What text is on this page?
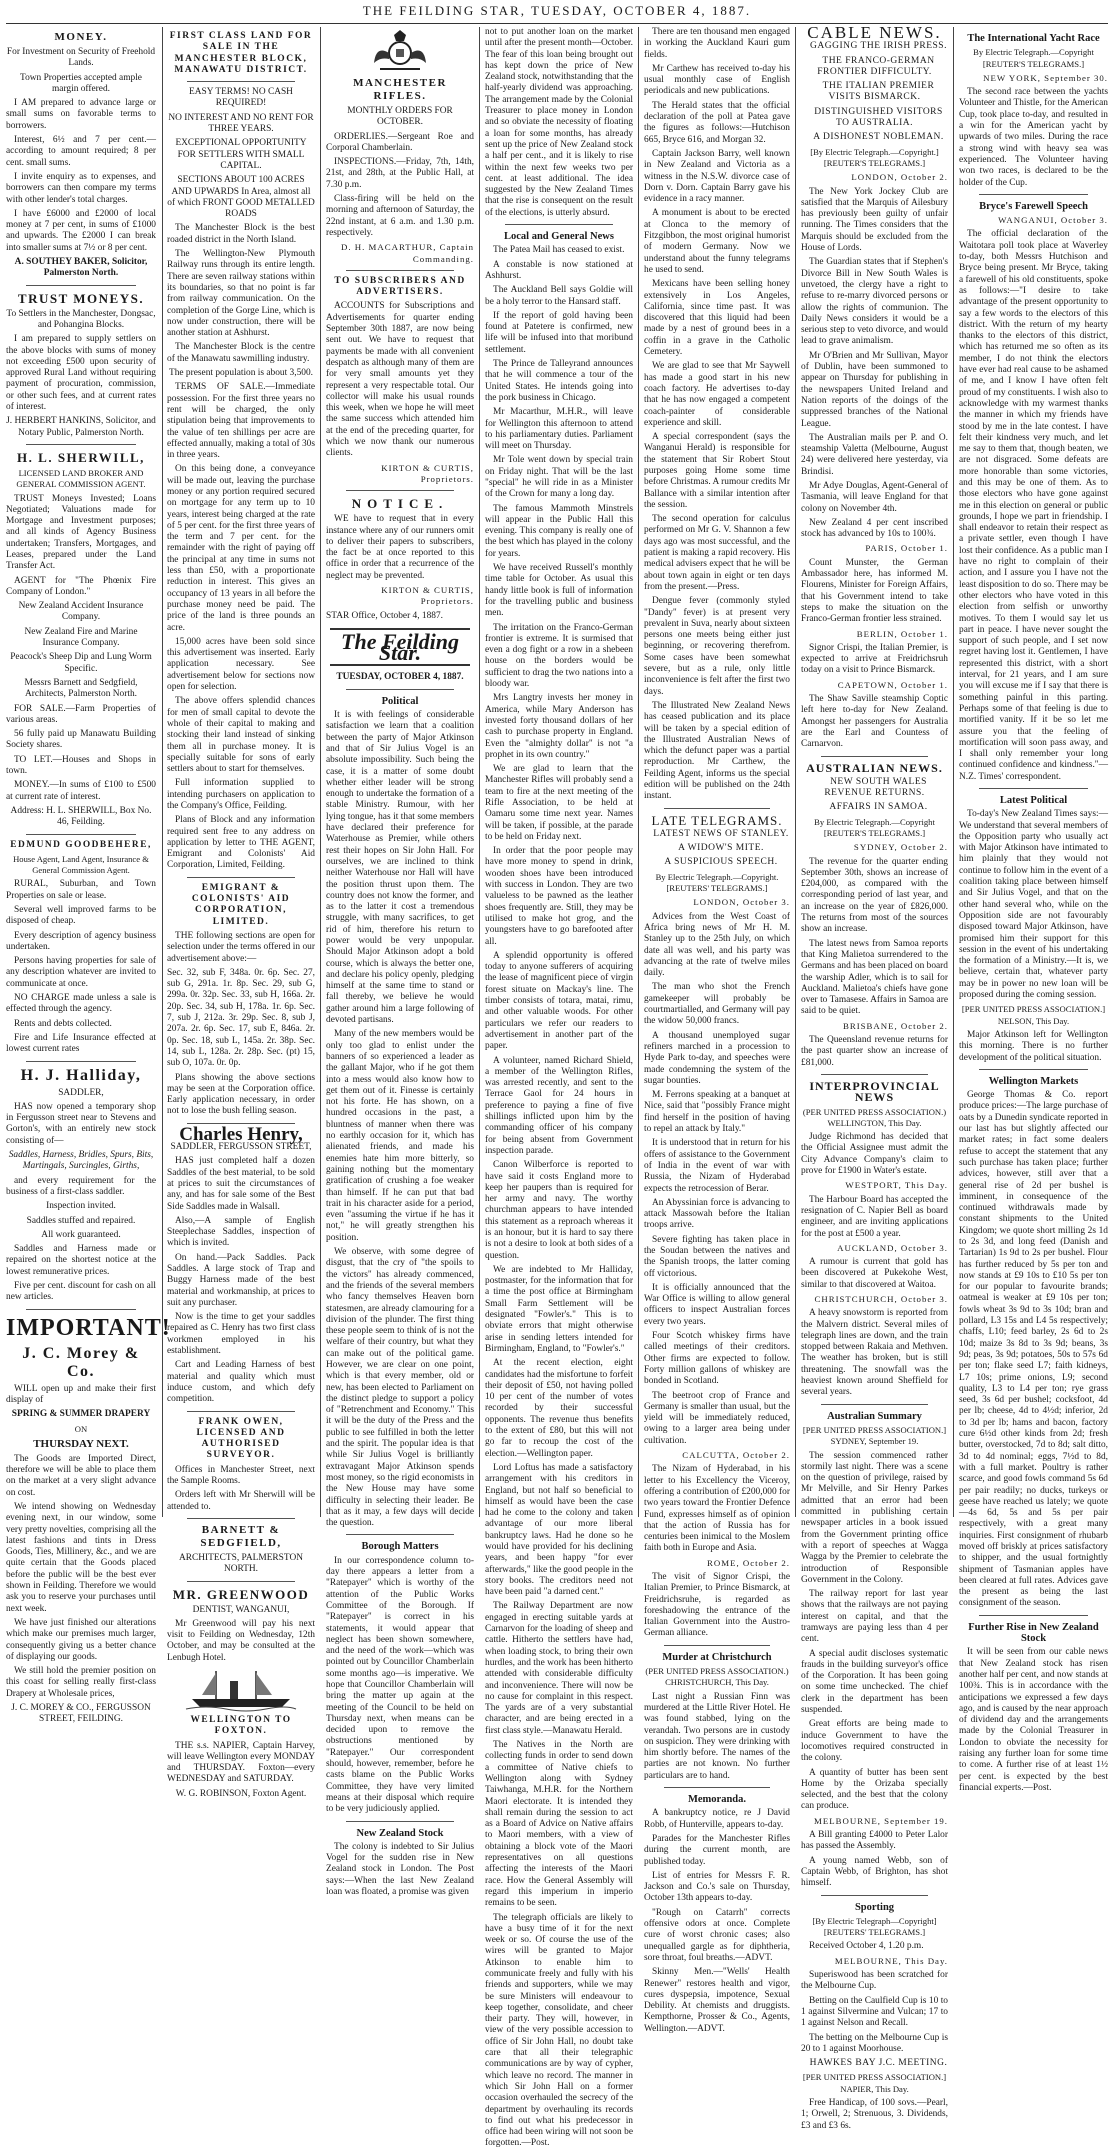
THE FEILDING STAR, TUESDAY, OCTOBER 4, 1887.
MONEY.

For Investment on Security of Freehold Lands.

Town Properties accepted ample margin offered.

I AM prepared to advance large or small sums on favorable terms to borrowers.

Interest, 6½ and 7 per cent.—according to amount required; 8 per cent. small sums.

I invite enquiry as to expenses, and borrowers can then compare my terms with other lender's total charges.

I have £6000 and £2000 of local money at 7 per cent, in sums of £1000 and upwards. The £2000 I can break into smaller sums at 7½ or 8 per cent.

A. SOUTHEY BAKER, Solicitor, Palmerston North.

TRUST MONEYS.

To Settlers in the Manchester, Dongsac, and Pohangina Blocks.

I am prepared to supply settlers on the above blocks with sums of money not exceeding £500 upon security of approved Rural Land without requiring payment of procuration, commission, or other such fees, and at current rates of interest.

J. HERBERT HANKINS, Solicitor, and Notary Public, Palmerston North.

H. L. SHERWILL,

LICENSED LAND BROKER AND GENERAL COMMISSION AGENT.

TRUST Moneys Invested; Loans Negotiated; Valuations made for Mortgage and Investment purposes; and all kinds of Agency Business undertaken; Transfers, Mortgages, and Leases, prepared under the Land Transfer Act.

AGENT for "The Phœnix Fire Company of London."

New Zealand Accident Insurance Company.

New Zealand Fire and Marine Insurance Company.

Peacock's Sheep Dip and Lung Worm Specific.

Messrs Barnett and Sedgfield, Architects, Palmerston North.

FOR SALE.—Farm Properties of various areas.

56 fully paid up Manawatu Building Society shares.

TO LET.—Houses and Shops in town.

MONEY.—In sums of £100 to £500 at current rate of interest.

Address: H. L. SHERWILL, Box No. 46, Feilding.

EDMUND GOODBEHERE,

House Agent, Land Agent, Insurance & General Commission Agent.

RURAL, Suburban, and Town Properties on sale or lease.

Several well improved farms to be disposed of cheap.

Every description of agency business undertaken.

Persons having properties for sale of any description whatever are invited to communicate at once.

NO CHARGE made unless a sale is effected through the agency.

Rents and debts collected.

Fire and Life Insurance effected at lowest current rates

H. J. Halliday,

SADDLER,

HAS now opened a temporary shop in Fergusson street near to Stevens and Gorton's, with an entirely new stock consisting of—

Saddles, Harness, Bridles, Spurs, Bits, Martingals, Surcingles, Girths,

and every requirement for the business of a first-class saddler.

Inspection invited.

Saddles stuffed and repaired.

All work guaranteed.

Saddles and Harness made or repaired on the shortest notice at the lowest remunerative prices.

Five per cent. discount for cash on all new articles.

IMPORTANT!
J. C. Morey & Co.

WILL open up and make their first display of

SPRING & SUMMER DRAPERY

ON

THURSDAY NEXT.

The Goods are Imported Direct, therefore we will be able to place them on the market at a very slight advance on cost.

We intend showing on Wednesday evening next, in our window, some very pretty novelties, comprising all the latest fashions and tints in Dress Goods, Ties, Millinery, &c., and we are quite certain that the Goods placed before the public will be the best ever shown in Feilding. Therefore we would ask you to reserve your purchases until next week.

We have just finished our alterations which make our premises much larger, consequently giving us a better chance of displaying our goods.

We still hold the premier position on this coast for selling really first-class Drapery at Wholesale prices,

J. C. MOREY & CO., FERGUSSON STREET, FEILDING.

FIRST CLASS LAND FOR SALE IN THE MANCHESTER BLOCK, MANAWATU DISTRICT.

EASY TERMS! NO CASH REQUIRED!

NO INTEREST AND NO RENT FOR THREE YEARS.

EXCEPTIONAL OPPORTUNITY FOR SETTLERS WITH SMALL CAPITAL.

SECTIONS ABOUT 100 ACRES AND UPWARDS In Area, almost all of which FRONT GOOD METALLED ROADS

The Manchester Block is the best roaded district in the North Island.

The Wellington-New Plymouth Railway runs through its entire length. There are seven railway stations within its boundaries, so that no point is far from railway communication. On the completion of the Gorge Line, which is now under construction, there will be another station at Ashhurst.

The Manchester Block is the centre of the Manawatu sawmilling industry.

The present population is about 3,500.

TERMS OF SALE.—Immediate possession. For the first three years no rent will be charged, the only stipulation being that improvements to the value of ten shillings per acre are effected annually, making a total of 30s in three years.

On this being done, a conveyance will be made out, leaving the purchase money or any portion required secured on mortgage for any term up to 10 years, interest being charged at the rate of 5 per cent. for the first three years of the term and 7 per cent. for the remainder with the right of paying off the principal at any time in sums not less than £50, with a proportionate reduction in interest. This gives an occupancy of 13 years in all before the purchase money need be paid. The price of the land is three pounds an acre.

15,000 acres have been sold since this advertisement was inserted. Early application necessary. See advertisement below for sections now open for selection.

The above offers splendid chances for men of small capital to devote the whole of their capital to making and stocking their land instead of sinking them all in purchase money. It is specially suitable for sons of early settlers about to start for themselves.

Full information supplied to intending purchasers on application to the Company's Office, Feilding.

Plans of Block and any information required sent free to any address on application by letter to THE AGENT, Emigrant and Colonists' Aid Corporation, Limited, Feilding.

EMIGRANT & COLONISTS' AID CORPORATION, LIMITED.

THE following sections are open for selection under the terms offered in our advertisement above:—

Sec. 32, sub F, 348a. 0r. 6p. Sec. 27, sub G, 291a. 1r. 8p. Sec. 29, sub G, 299a. 0r. 32p. Sec. 33, sub H, 166a. 2r. 20p. Sec. 34, sub H, 178a. 1r. 6p. Sec. 7, sub J, 212a. 3r. 29p. Sec. 8, sub J, 207a. 2r. 6p. Sec. 17, sub E, 846a. 2r. 0p. Sec. 18, sub L, 145a. 2r. 38p. Sec. 14, sub L, 128a. 2r. 28p. Sec. (pt) 15, sub O, 107a. 0r. 0p.

Plans showing the above sections may be seen at the Corporation office. Early application necessary, in order not to lose the bush felling season.

Charles Henry,

SADDLER, FERGUSSON STREET,

HAS just completed half a dozen Saddles of the best material, to be sold at prices to suit the circumstances of any, and has for sale some of the Best Side Saddles made in Walsall.

Also,—A sample of English Steeplechase Saddles, inspection of which is invited.

On hand.—Pack Saddles. Pack Saddles. A large stock of Trap and Buggy Harness made of the best material and workmanship, at prices to suit any purchaser.

Now is the time to get your saddles repaired as C. Henry has two first class workmen employed in his establishment.

Cart and Leading Harness of best material and quality which must induce custom, and which defy competition.

FRANK OWEN, LICENSED AND AUTHORISED SURVEYOR.

Offices in Manchester Street, next the Sample Rooms.

Orders left with Mr Sherwill will be attended to.

BARNETT & SEDGFIELD,

ARCHITECTS, PALMERSTON NORTH.

MR. GREENWOOD

DENTIST, WANGANUI,

Mr Greenwood will pay his next visit to Feilding on Wednesday, 12th October, and may be consulted at the Lenbugh Hotel.

WELLINGTON TO FOXTON.

THE s.s. NAPIER, Captain Harvey, will leave Wellington every MONDAY and THURSDAY. Foxton—every WEDNESDAY and SATURDAY.

W. G. ROBINSON, Foxton Agent.

MANCHESTER RIFLES.

MONTHLY ORDERS FOR OCTOBER.

ORDERLIES.—Sergeant Roe and Corporal Chamberlain.

INSPECTIONS.—Friday, 7th, 14th, 21st, and 28th, at the Public Hall, at 7.30 p.m.

Class-firing will be held on the morning and afternoon of Saturday, the 22nd instant, at 6 a.m. and 1.30 p.m. respectively.

D. H. MACARTHUR, Captain Commanding.

TO SUBSCRIBERS AND ADVERTISERS.

ACCOUNTS for Subscriptions and Advertisements for quarter ending September 30th 1887, are now being sent out. We have to request that payments be made with all convenient despatch as although many of them are for very small amounts yet they represent a very respectable total. Our collector will make his usual rounds this week, when we hope he will meet the same success which attended him at the end of the preceding quarter, for which we now thank our numerous clients.

KIRTON & CURTIS, Proprietors.

NOTICE.

WE have to request that in every instance where any of our runners omit to deliver their papers to subscribers, the fact be at once reported to this office in order that a recurrence of the neglect may be prevented.

KIRTON & CURTIS, Proprietors.

STAR Office, October 4, 1887.

The Feilding Star.

TUESDAY, OCTOBER 4, 1887.

Political

It is with feelings of considerable satisfaction we learn that a coalition between the party of Major Atkinson and that of Sir Julius Vogel is an absolute impossibility. Such being the case, it is a matter of some doubt whether either leader will be strong enough to undertake the formation of a stable Ministry. Rumour, with her lying tongue, has it that some members have declared their preference for Waterhouse as Premier, while others rest their hopes on Sir John Hall. For ourselves, we are inclined to think neither Waterhouse nor Hall will have the position thrust upon them. The country does not know the former, and as to the latter it cost a tremendous struggle, with many sacrifices, to get rid of him, therefore his return to power would be very unpopular. Should Major Atkinson adopt a bold course, which is always the better one, and declare his policy openly, pledging himself at the same time to stand or fall thereby, we believe he would gather around him a large following of devoted partisans.

Many of the new members would be only too glad to enlist under the banners of so experienced a leader as the gallant Major, who if he got them into a mess would also know how to get them out of it. Finesse is certainly not his forte. He has shown, on a hundred occasions in the past, a bluntness of manner when there was no earthly occasion for it, which has alienated friends, and made his enemies hate him more bitterly, so gaining nothing but the momentary gratification of crushing a foe weaker than himself. If he can put that bad trait in his character aside for a period, even "assuming the virtue if he has it not," he will greatly strengthen his position.

We observe, with some degree of disgust, that the cry of "the spoils to the victors" has already commenced, and the friends of the several members who fancy themselves Heaven born statesmen, are already clamouring for a division of the plunder. The first thing these people seem to think of is not the welfare of their country, but what they can make out of the political game. However, we are clear on one point, which is that every member, old or new, has been elected to Parliament on the distinct pledge to support a policy of "Retrenchment and Economy." This it will be the duty of the Press and the public to see fulfilled in both the letter and the spirit. The popular idea is that while Sir Julius Vogel is brilliantly extravagant Major Atkinson spends most money, so the rigid economists in the New House may have some difficulty in selecting their leader. Be that as it may, a few days will decide the question.

Borough Matters

In our correspondence column to-day there appears a letter from a "Ratepayer" which is worthy of the attention of the Public Works Committee of the Borough. If "Ratepayer" is correct in his statements, it would appear that neglect has been shown somewhere, and the need of the work—which was pointed out by Councillor Chamberlain some months ago—is imperative. We hope that Councillor Chamberlain will bring the matter up again at the meeting of the Council to be held on Thursday next, when means can be decided upon to remove the obstructions mentioned by "Ratepayer." Our correspondent should, however, remember, before he casts blame on the Public Works Committee, they have very limited means at their disposal which require to be very judiciously applied.

New Zealand Stock

The colony is indebted to Sir Julius Vogel for the sudden rise in New Zealand stock in London. The Post says:—When the last New Zealand loan was floated, a promise was given

not to put another loan on the market until after the present month—October. The fear of this loan being brought out has kept down the price of New Zealand stock, notwithstanding that the half-yearly dividend was approaching. The arrangement made by the Colonial Treasurer to place money in London and so obviate the necessity of floating a loan for some months, has already sent up the price of New Zealand stock a half per cent., and it is likely to rise within the next few weeks two per cent. at least additional. The idea suggested by the New Zealand Times that the rise is consequent on the result of the elections, is utterly absurd.

Local and General News

The Patea Mail has ceased to exist.

A constable is now stationed at Ashhurst.

The Auckland Bell says Goldie will be a holy terror to the Hansard staff.

If the report of gold having been found at Patetere is confirmed, new life will be infused into that moribund settlement.

The Prince de Talleyrand announces that he will commence a tour of the United States. He intends going into the pork business in Chicago.

Mr Macarthur, M.H.R., will leave for Wellington this afternoon to attend to his parliamentary duties. Parliament will meet on Thursday.

Mr Tole went down by special train on Friday night. That will be the last "special" he will ride in as a Minister of the Crown for many a long day.

The famous Mammoth Minstrels will appear in the Public Hall this evening. This company is really one of the best which has played in the colony for years.

We have received Russell's monthly time table for October. As usual this handy little book is full of information for the travelling public and business men.

The irritation on the Franco-German frontier is extreme. It is surmised that even a dog fight or a row in a shebeen house on the borders would be sufficient to drag the two nations into a bloody war.

Mrs Langtry invests her money in America, while Mary Anderson has invested forty thousand dollars of her cash to purchase property in England. Even the "almighty dollar" is not "a prophet in its own country."

We are glad to learn that the Manchester Rifles will probably send a team to fire at the next meeting of the Rifle Association, to be held at Oamaru some time next year. Names will be taken, if possible, at the parade to be held on Friday next.

In order that the poor people may have more money to spend in drink, wooden shoes have been introduced with success in London. They are two valueless to be pawned as the leather shoes frequently are. Still, they may be utilised to make hot grog, and the youngsters have to go barefooted after all.

A splendid opportunity is offered today to anyone sufferers of acquiring the lease of magnificent piece of virgin forest situate on Mackay's line. The timber consists of totara, matai, rimu, and other valuable woods. For other particulars we refer our readers to advertisement in another part of the paper.

A volunteer, named Richard Shield, a member of the Wellington Rifles, was arrested recently, and sent to the Terrace Gaol for 24 hours in preference to paying a fine of five shillings inflicted upon him by the commanding officer of his company for being absent from Government inspection parade.

Canon Wilberforce is reported to have said it costs England more to keep her paupers than is required for her army and navy. The worthy churchman appears to have intended this statement as a reproach whereas it is an honour, but it is hard to say there is not a desire to look at both sides of a question.

We are indebted to Mr Halliday, postmaster, for the information that for a time the post office at Birmingham Small Farm Settlement will be designated "Fowler's." This is to obviate errors that might otherwise arise in sending letters intended for Birmingham, England, to "Fowler's."

At the recent election, eight candidates had the misfortune to forfeit their deposit of £50, not having polled 10 per cent of the number of votes recorded by their successful opponents. The revenue thus benefits to the extent of £80, but this will not go far to recoup the cost of the election.—Wellington paper.

Lord Loftus has made a satisfactory arrangement with his creditors in England, but not half so beneficial to himself as would have been the case had he come to the colony and taken advantage of our more liberal bankruptcy laws. Had he done so he would have provided for his declining years, and been happy "for ever afterwards," like the good people in the story books. The creditors need not have been paid "a darned cent."

The Railway Department are now engaged in erecting suitable yards at Carnarvon for the loading of sheep and cattle. Hitherto the settlers have had, when loading stock, to bring their own hurdles, and the work has been hitherto attended with considerable difficulty and inconvenience. There will now be no cause for complaint in this respect. The yards are of a very substantial character, and are being erected in a first class style.—Manawatu Herald.

The Natives in the North are collecting funds in order to send down a committee of Native chiefs to Wellington along with Sydney Taiwhanga, M.H.R. for the Northern Maori electorate. It is intended they shall remain during the session to act as a Board of Advice on Native affairs to Maori members, with a view of obtaining a block vote of the Maori representatives on all questions affecting the interests of the Maori race. How the General Assembly will regard this imperium in imperio remains to be seen.

The telegraph officials are likely to have a busy time of it for the next week or so. Of course the use of the wires will be granted to Major Atkinson to enable him to communicate freely and fully with his friends and supporters, while we may be sure Ministers will endeavour to keep together, consolidate, and cheer their party. They will, however, in view of the very possible accession to office of Sir John Hall, no doubt take care that all their telegraphic communications are by way of cypher, which leave no record. The manner in which Sir John Hall on a former occasion overhauled the secrecy of the department by overhauling its records to find out what his predecessor in office had been wiring will not soon be forgotten.—Post.

There are ten thousand men engaged in working the Auckland Kauri gum fields.

Mr Carthew has received to-day his usual monthly case of English periodicals and new publications.

The Herald states that the official declaration of the poll at Patea gave the figures as follows:—Hutchison 665, Bryce 616, and Morgan 32.

Captain Jackson Barry, well known in New Zealand and Victoria as a witness in the N.S.W. divorce case of Dorn v. Dorn. Captain Barry gave his evidence in a racy manner.

A monument is about to be erected at Clonca to the memory of Fitzgibbon, the most original humorist of modern Germany. Now we understand about the funny telegrams he used to send.

Mexicans have been selling honey extensively in Los Angeles, California, since time past. It was discovered that this liquid had been made by a nest of ground bees in a coffin in a grave in the Catholic Cemetery.

We are glad to see that Mr Saywell has made a good start in his new coach factory. He advertises to-day that he has now engaged a competent coach-painter of considerable experience and skill.

A special correspondent (says the Wanganui Herald) is responsible for the statement that Sir Robert Stout purposes going Home some time before Christmas. A rumour credits Mr Ballance with a similar intention after the session.

The second operation for calculus performed on Mr G. V. Shannon a few days ago was most successful, and the patient is making a rapid recovery. His medical advisers expect that he will be about town again in eight or ten days from the present.—Press.

Dengue fever (commonly styled "Dandy" fever) is at present very prevalent in Suva, nearly about sixteen persons one meets being either just beginning, or recovering therefrom. Some cases have been somewhat severe, but as a rule, only little inconvenience is felt after the first two days.

The Illustrated New Zealand News has ceased publication and its place will be taken by a special edition of the Illustrated Australian News of which the defunct paper was a partial reproduction. Mr Carthew, the Feilding Agent, informs us the special edition will be published on the 24th instant.

LATE TELEGRAMS.

LATEST NEWS OF STANLEY.

A WIDOW'S MITE.

A SUSPICIOUS SPEECH.

By Electric Telegraph.—Copyright. [REUTERS' TELEGRAMS.]

LONDON, October 3.

Advices from the West Coast of Africa bring news of Mr H. M. Stanley up to the 25th July, on which date all was well, and his party was advancing at the rate of twelve miles daily.

The man who shot the French gamekeeper will probably be courtmartialled, and Germany will pay the widow 50,000 francs.

A thousand unemployed sugar refiners marched in a procession to Hyde Park to-day, and speeches were made condemning the system of the sugar bounties.

M. Ferrons speaking at a banquet at Nice, said that "possibly France might find herself in the position of having to repel an attack by Italy."

It is understood that in return for his offers of assistance to the Government of India in the event of war with Russia, the Nizam of Hyderabad expects the retrocession of Berar.

An Abyssinian force is advancing to attack Massowah before the Italian troops arrive.

Severe fighting has taken place in the Soudan between the natives and the Spanish troops, the latter coming off victorious.

It is officially announced that the War Office is willing to allow general officers to inspect Australian forces every two years.

Four Scotch whiskey firms have called meetings of their creditors. Other firms are expected to follow. Forty million gallons of whiskey are bonded in Scotland.

The beetroot crop of France and Germany is smaller than usual, but the yield will be immediately reduced, owing to a larger area being under cultivation.

CALCUTTA, October 2.

The Nizam of Hyderabad, in his letter to his Excellency the Viceroy, offering a contribution of £200,000 for two years toward the Frontier Defence Fund, expresses himself as of opinion that the action of Russia has for centuries been inimical to the Moslem faith both in Europe and Asia.

ROME, October 2.

The visit of Signor Crispi, the Italian Premier, to Prince Bismarck, at Freidrichsruhe, is regarded as foreshadowing the entrance of the Italian Government into the Austro-German alliance.

Murder at Christchurch

(PER UNITED PRESS ASSOCIATION.) CHRISTCHURCH, This Day.

Last night a Russian Finn was murdered at the Little River Hotel. He was found stabbed, lying on the verandah. Two persons are in custody on suspicion. They were drinking with him shortly before. The names of the parties are not known. No further particulars are to hand.

Memoranda.

A bankruptcy notice, re J David Robb, of Hunterville, appears to-day.

Parades for the Manchester Rifles during the current month, are published today.

List of entries for Messrs F. R. Jackson and Co.'s sale on Thursday, October 13th appears to-day.

"Rough on Catarrh" corrects offensive odors at once. Complete cure of worst chronic cases; also unequalled gargle as for diphtheria, sore throat, foul breaths.—ADVT.

Skinny Men.—"Wells' Health Renewer" restores health and vigor, cures dyspepsia, impotence, Sexual Debility. At chemists and druggists. Kempthorne, Prosser & Co., Agents, Wellington.—ADVT.

CABLE NEWS.

GAGGING THE IRISH PRESS.

THE FRANCO-GERMAN FRONTIER DIFFICULTY.

THE ITALIAN PREMIER VISITS BISMARCK.

DISTINGUISHED VISITORS TO AUSTRALIA.

A DISHONEST NOBLEMAN.

[By Electric Telegraph.—Copyright.] [REUTER'S TELEGRAMS.]

LONDON, October 2.

The New York Jockey Club are satisfied that the Marquis of Ailesbury has previously been guilty of unfair running. The Times considers that the Marquis should be excluded from the House of Lords.

The Guardian states that if Stephen's Divorce Bill in New South Wales is unvetoed, the clergy have a right to refuse to re-marry divorced persons or allow the rights of communion. The Daily News considers it would be a serious step to veto divorce, and would lead to grave animalism.

Mr O'Brien and Mr Sullivan, Mayor of Dublin, have been summoned to appear on Thursday for publishing in the newspapers United Ireland and Nation reports of the doings of the suppressed branches of the National League.

The Australian mails per P. and O. steamship Valetta (Melbourne, August 24) were delivered here yesterday, via Brindisi.

Mr Adye Douglas, Agent-General of Tasmania, will leave England for that colony on November 4th.

New Zealand 4 per cent inscribed stock has advanced by 10s to 100¾.

PARIS, October 1.

Count Munster, the German Ambassador here, has informed M. Flourens, Minister for Foreign Affairs, that his Government intend to take steps to make the situation on the Franco-German frontier less strained.

BERLIN, October 1.

Signor Crispi, the Italian Premier, is expected to arrive at Freidrichsruh today on a visit to Prince Bismarck.

CAPETOWN, October 1.

The Shaw Saville steamship Coptic left here to-day for New Zealand. Amongst her passengers for Australia are the Earl and Countess of Carnarvon.

AUSTRALIAN NEWS.

NEW SOUTH WALES REVENUE RETURNS.

AFFAIRS IN SAMOA.

By Electric Telegraph.—Copyright [REUTER'S TELEGRAMS.]

SYDNEY, October 2.

The revenue for the quarter ending September 30th, shows an increase of £204,000, as compared with the corresponding period of last year, and an increase on the year of £826,000. The returns from most of the sources show an increase.

The latest news from Samoa reports that King Malietoa surrendered to the Germans and has been placed on board the warship Adler, which is to sail for Auckland. Malietoa's chiefs have gone over to Tamasese. Affairs in Samoa are said to be quiet.

BRISBANE, October 2.

The Queensland revenue returns for the past quarter show an increase of £81,000.

INTERPROVINCIAL NEWS

(PER UNITED PRESS ASSOCIATION.) WELLINGTON, This Day.

Judge Richmond has decided that the Official Assignee must admit the City Advance Company's claim to prove for £1900 in Water's estate.

WESTPORT, This Day.

The Harbour Board has accepted the resignation of C. Napier Bell as board engineer, and are inviting applications for the post at £500 a year.

AUCKLAND, October 3.

A rumour is current that gold has been discovered at Pukekohe West, similar to that discovered at Waitoa.

CHRISTCHURCH, October 3.

A heavy snowstorm is reported from the Malvern district. Several miles of telegraph lines are down, and the train stopped between Rakaia and Methven. The weather has broken, but is still threatening. The snowfall was the heaviest known around Sheffield for several years.

Australian Summary

[PER UNITED PRESS ASSOCIATION.] SYDNEY, September 19.

The session commenced rather stormily last night. There was a scene on the question of privilege, raised by Mr Melville, and Sir Henry Parkes admitted that an error had been committed in publishing certain newspaper articles in a book issued from the Government printing office with a report of speeches at Wagga Wagga by the Premier to celebrate the introduction of Responsible Government in the Colony.

The railway report for last year shows that the railways are not paying interest on capital, and that the tramways are paying less than 4 per cent.

A special audit discloses systematic frauds in the building surveyor's office of the Corporation. It has been going on some time unchecked. The chief clerk in the department has been suspended.

Great efforts are being made to induce Government to have the locomotives required constructed in the colony.

A quantity of butter has been sent Home by the Orizaba specially selected, and the best that the colony can produce.

MELBOURNE, September 19.

A Bill granting £4000 to Peter Lalor has passed the Assembly.

A young named Webb, son of Captain Webb, of Brighton, has shot himself.

Sporting

[By Electric Telegraph—Copyright] [REUTERS' TELEGRAMS.]

Received October 4, 1.20 p.m.

MELBOURNE, This Day.

Superiswood has been scratched for the Melbourne Cup.

Betting on the Caulfield Cup is 10 to 1 against Silvermine and Vulcan; 17 to 1 against Nelson and Recall.

The betting on the Melbourne Cup is 20 to 1 against Moorhouse.

HAWKES BAY J.C. MEETING.

[PER UNITED PRESS ASSOCIATION.] NAPIER, This Day.

Free Handicap, of 100 sovs.—Pearl, 1; Orwell, 2; Strenuous, 3. Dividends, £3 and £3 6s.

The International Yacht Race

By Electric Telegraph.—Copyright [REUTER'S TELEGRAMS.]

NEW YORK, September 30.

The second race between the yachts Volunteer and Thistle, for the American Cup, took place to-day, and resulted in a win for the American yacht by upwards of two miles. During the race a strong wind with heavy sea was experienced. The Volunteer having won two races, is declared to be the holder of the Cup.

Bryce's Farewell Speech

WANGANUI, October 3.

The official declaration of the Waitotara poll took place at Waverley to-day, both Messrs Hutchison and Bryce being present. Mr Bryce, taking a farewell of his old constituents, spoke as follows:—"I desire to take advantage of the present opportunity to say a few words to the electors of this district. With the return of my hearty thanks to the electors of this district, which has returned me so often as its member, I do not think the electors have ever had real cause to be ashamed of me, and I know I have often felt proud of my constituents. I wish also to acknowledge with my warmest thanks the manner in which my friends have stood by me in the late contest. I have felt their kindness very much, and let me say to them that, though beaten, we are not disgraced. Some defeats are more honorable than some victories, and this may be one of them. As to those electors who have gone against me in this election on general or public grounds, I hope we part in friendship. I shall endeavor to retain their respect as a private settler, even though I have lost their confidence. As a public man I have no right to complain of their action, and I assure you I have not the least disposition to do so. There may be other electors who have voted in this election from selfish or unworthy motives. To them I would say let us part in peace. I have never sought the support of such people, and I set now regret having lost it. Gentlemen, I have represented this district, with a short interval, for 21 years, and I am sure you will excuse me if I say that there is something painful in this parting. Perhaps some of that feeling is due to mortified vanity. If it be so let me assure you that the feeling of mortification will soon pass away, and I shall only remember your long continued confidence and kindness."—N.Z. Times' correspondent.

Latest Political

To-day's New Zealand Times says:—We understand that several members of the Opposition party who usually act with Major Atkinson have intimated to him plainly that they would not continue to follow him in the event of a coalition taking place between himself and Sir Julius Vogel, and that on the other hand several who, while on the Opposition side are not favourably disposed toward Major Atkinson, have promised him their support for this session in the event of his undertaking the formation of a Ministry.—It is, we believe, certain that, whatever party may be in power no new loan will be proposed during the coming session.

[PER UNITED PRESS ASSOCIATION.] NELSON, This Day.

Major Atkinson left for Wellington this morning. There is no further development of the political situation.

Wellington Markets

George Thomas & Co. report produce prices:—The large purchase of oats by a Dunedin syndicate reported in our last has but slightly affected our market rates; in fact some dealers refuse to accept the statement that any such purchase has taken place; further advices, however, still aver that a general rise of 2d per bushel is imminent, in consequence of the continued withdrawals made by constant shipments to the United Kingdom; we quote short milling 2s 1d to 2s 3d, and long feed (Danish and Tartarian) 1s 9d to 2s per bushel. Flour has further reduced by 5s per ton and now stands at £9 10s to £10 5s per ton for our popular to favourite brands; oatmeal is weaker at £9 10s per ton; fowls wheat 3s 9d to 3s 10d; bran and pollard, L3 15s and L4 5s respectively; chaffs, L10; feed barley, 2s 6d to 2s 10d; maize 3s 8d to 3s 9d; beans, 3s 9d; peas, 3s 9d; potatoes, 50s to 57s 6d per ton; flake seed L7; faith kidneys, L7 10s; prime onions, L9; second quality, L3 to L4 per ton; rye grass seed, 3s 6d per bushel; cocksfoot, 4d per lb; cheese, 4d to 4½d; inferior, 2d to 3d per lb; hams and bacon, factory cure 6½d other kinds from 2d; fresh butter, overstocked, 7d to 8d; salt ditto, 3d to 4d nominal; eggs, 7½d to 8d, with a full market. Poultry is rather scarce, and good fowls command 5s 6d per pair readily; no ducks, turkeys or geese have reached us lately; we quote—4s 6d, 5s and 5s per pair respectively, with a great many inquiries. First consignment of rhubarb moved off briskly at prices satisfactory to shipper, and the usual fortnightly shipment of Tasmanian apples have been cleared at full rates. Advices gave the present as being the last consignment of the season.

Further Rise in New Zealand Stock

It will be seen from our cable news that New Zealand stock has risen another half per cent, and now stands at 100¾. This is in accordance with the anticipations we expressed a few days ago, and is caused by the near approach of dividend day and the arrangements made by the Colonial Treasurer in London to obviate the necessity for raising any further loan for some time to come. A further rise of at least 1½ per cent. is expected by the best financial experts.—Post.
